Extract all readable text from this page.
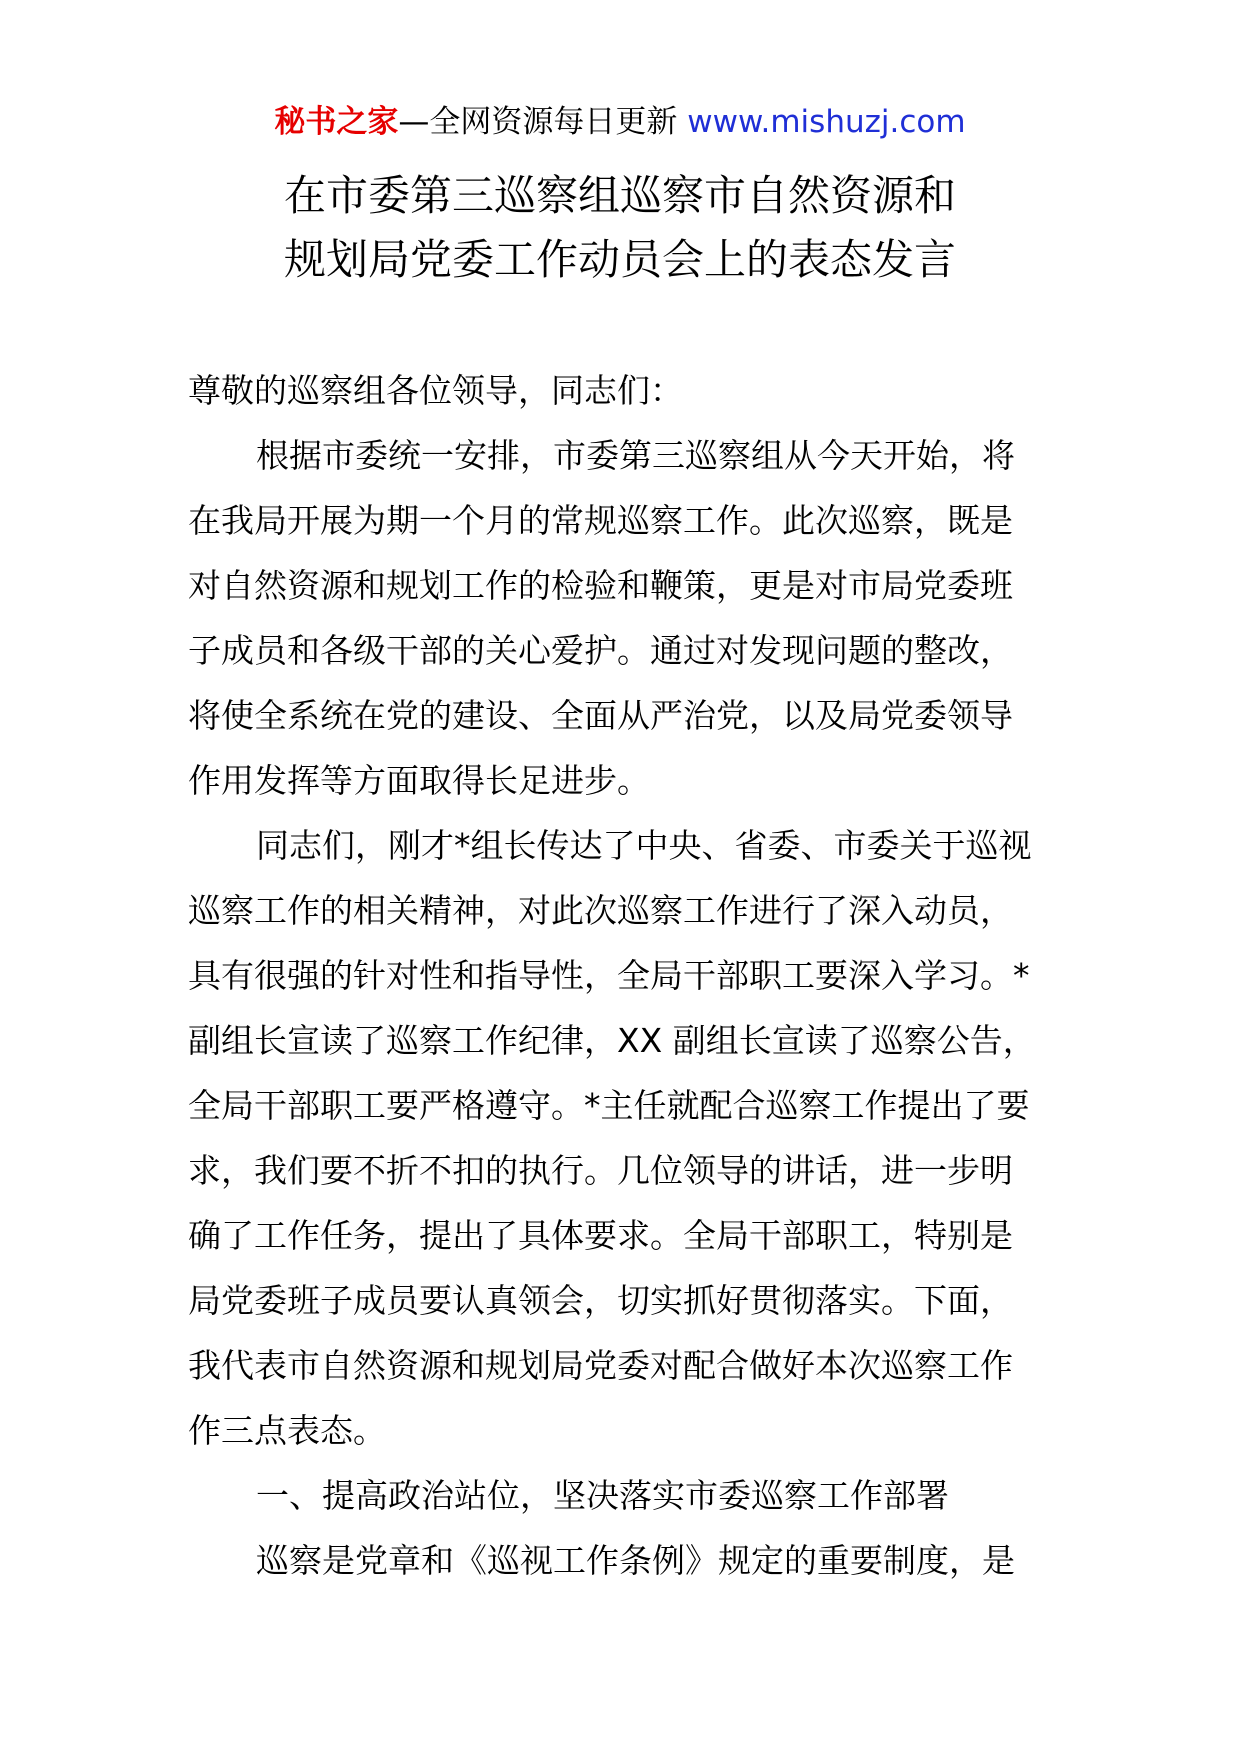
秘书之家—全网资源每日更新 www.mishuzj.com
在市委第三巡察组巡察市自然资源和
规划局党委工作动员会上的表态发言
尊敬的巡察组各位领导，同志们：
根据市委统一安排，市委第三巡察组从今天开始，将
在我局开展为期一个月的常规巡察工作。此次巡察，既是
对自然资源和规划工作的检验和鞭策，更是对市局党委班
子成员和各级干部的关心爱护。通过对发现问题的整改，
将使全系统在党的建设、全面从严治党，以及局党委领导
作用发挥等方面取得长足进步。
同志们，刚才*组长传达了中央、省委、市委关于巡视
巡察工作的相关精神，对此次巡察工作进行了深入动员，
具有很强的针对性和指导性，全局干部职工要深入学习。*
副组长宣读了巡察工作纪律，XX 副组长宣读了巡察公告，
全局干部职工要严格遵守。*主任就配合巡察工作提出了要
求，我们要不折不扣的执行。几位领导的讲话，进一步明
确了工作任务，提出了具体要求。全局干部职工，特别是
局党委班子成员要认真领会，切实抓好贯彻落实。下面，
我代表市自然资源和规划局党委对配合做好本次巡察工作
作三点表态。
一、提高政治站位，坚决落实市委巡察工作部署
巡察是党章和《巡视工作条例》规定的重要制度，是
